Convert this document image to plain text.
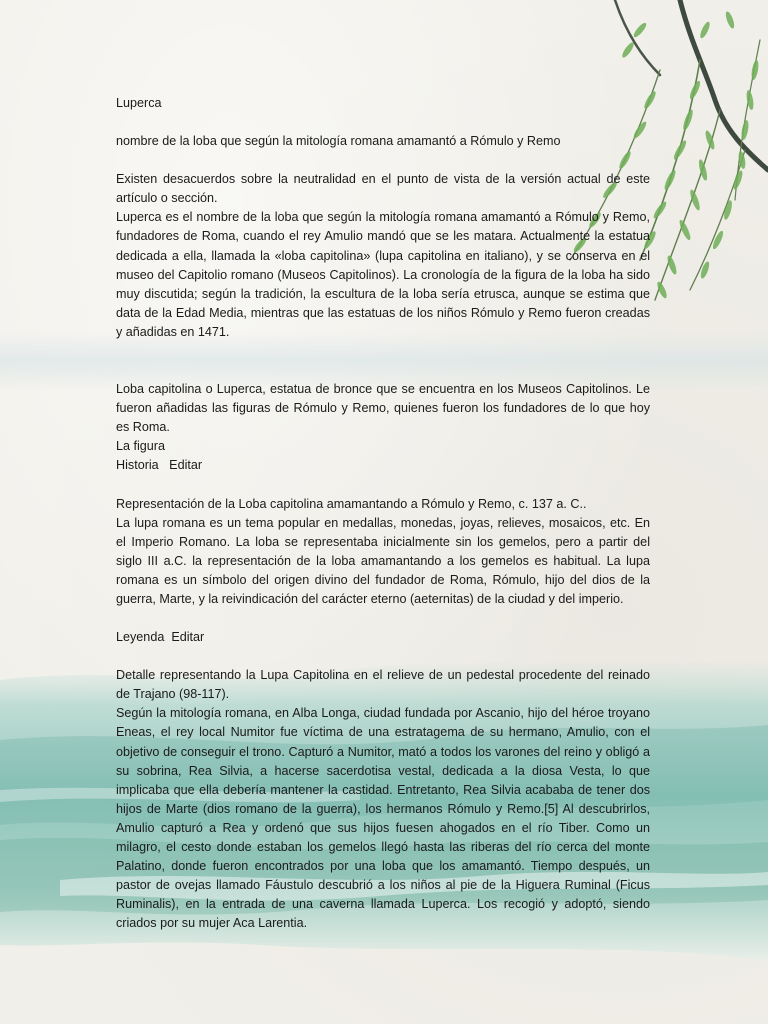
Luperca

nombre de la loba que según la mitología romana amamantó a Rómulo y Remo

Existen desacuerdos sobre la neutralidad en el punto de vista de la versión actual de este artículo o sección.

Luperca es el nombre de la loba que según la mitología romana amamantó a Rómulo y Remo, fundadores de Roma, cuando el rey Amulio mandó que se les matara. Actualmente la estatua dedicada a ella, llamada la «loba capitolina» (lupa capitolina en italiano), y se conserva en el museo del Capitolio romano (Museos Capitolinos). La cronología de la figura de la loba ha sido muy discutida; según la tradición, la escultura de la loba sería etrusca, aunque se estima que data de la Edad Media, mientras que las estatuas de los niños Rómulo y Remo fueron creadas y añadidas en 1471.

Loba capitolina o Luperca, estatua de bronce que se encuentra en los Museos Capitolinos. Le fueron añadidas las figuras de Rómulo y Remo, quienes fueron los fundadores de lo que hoy es Roma.

La figura

Historia   Editar

Representación de la Loba capitolina amamantando a Rómulo y Remo, c. 137 a. C..

La lupa romana es un tema popular en medallas, monedas, joyas, relieves, mosaicos, etc. En el Imperio Romano. La loba se representaba inicialmente sin los gemelos, pero a partir del siglo III a.C. la representación de la loba amamantando a los gemelos es habitual. La lupa romana es un símbolo del origen divino del fundador de Roma, Rómulo, hijo del dios de la guerra, Marte, y la reivindicación del carácter eterno (aeternitas) de la ciudad y del imperio.

Leyenda  Editar

Detalle representando la Lupa Capitolina en el relieve de un pedestal procedente del reinado de Trajano (98-117).

Según la mitología romana, en Alba Longa, ciudad fundada por Ascanio, hijo del héroe troyano Eneas, el rey local Numitor fue víctima de una estratagema de su hermano, Amulio, con el objetivo de conseguir el trono. Capturó a Numitor, mató a todos los varones del reino y obligó a su sobrina, Rea Silvia, a hacerse sacerdotisa vestal, dedicada a la diosa Vesta, lo que implicaba que ella debería mantener la castidad. Entretanto, Rea Silvia acababa de tener dos hijos de Marte (dios romano de la guerra), los hermanos Rómulo y Remo.[5] Al descubrirlos, Amulio capturó a Rea y ordenó que sus hijos fuesen ahogados en el río Tiber. Como un milagro, el cesto donde estaban los gemelos llegó hasta las riberas del río cerca del monte Palatino, donde fueron encontrados por una loba que los amamantó. Tiempo después, un pastor de ovejas llamado Fáustulo descubrió a los niños al pie de la Higuera Ruminal (Ficus Ruminalis), en la entrada de una caverna llamada Luperca. Los recogió y adoptó, siendo criados por su mujer Aca Larentia.
